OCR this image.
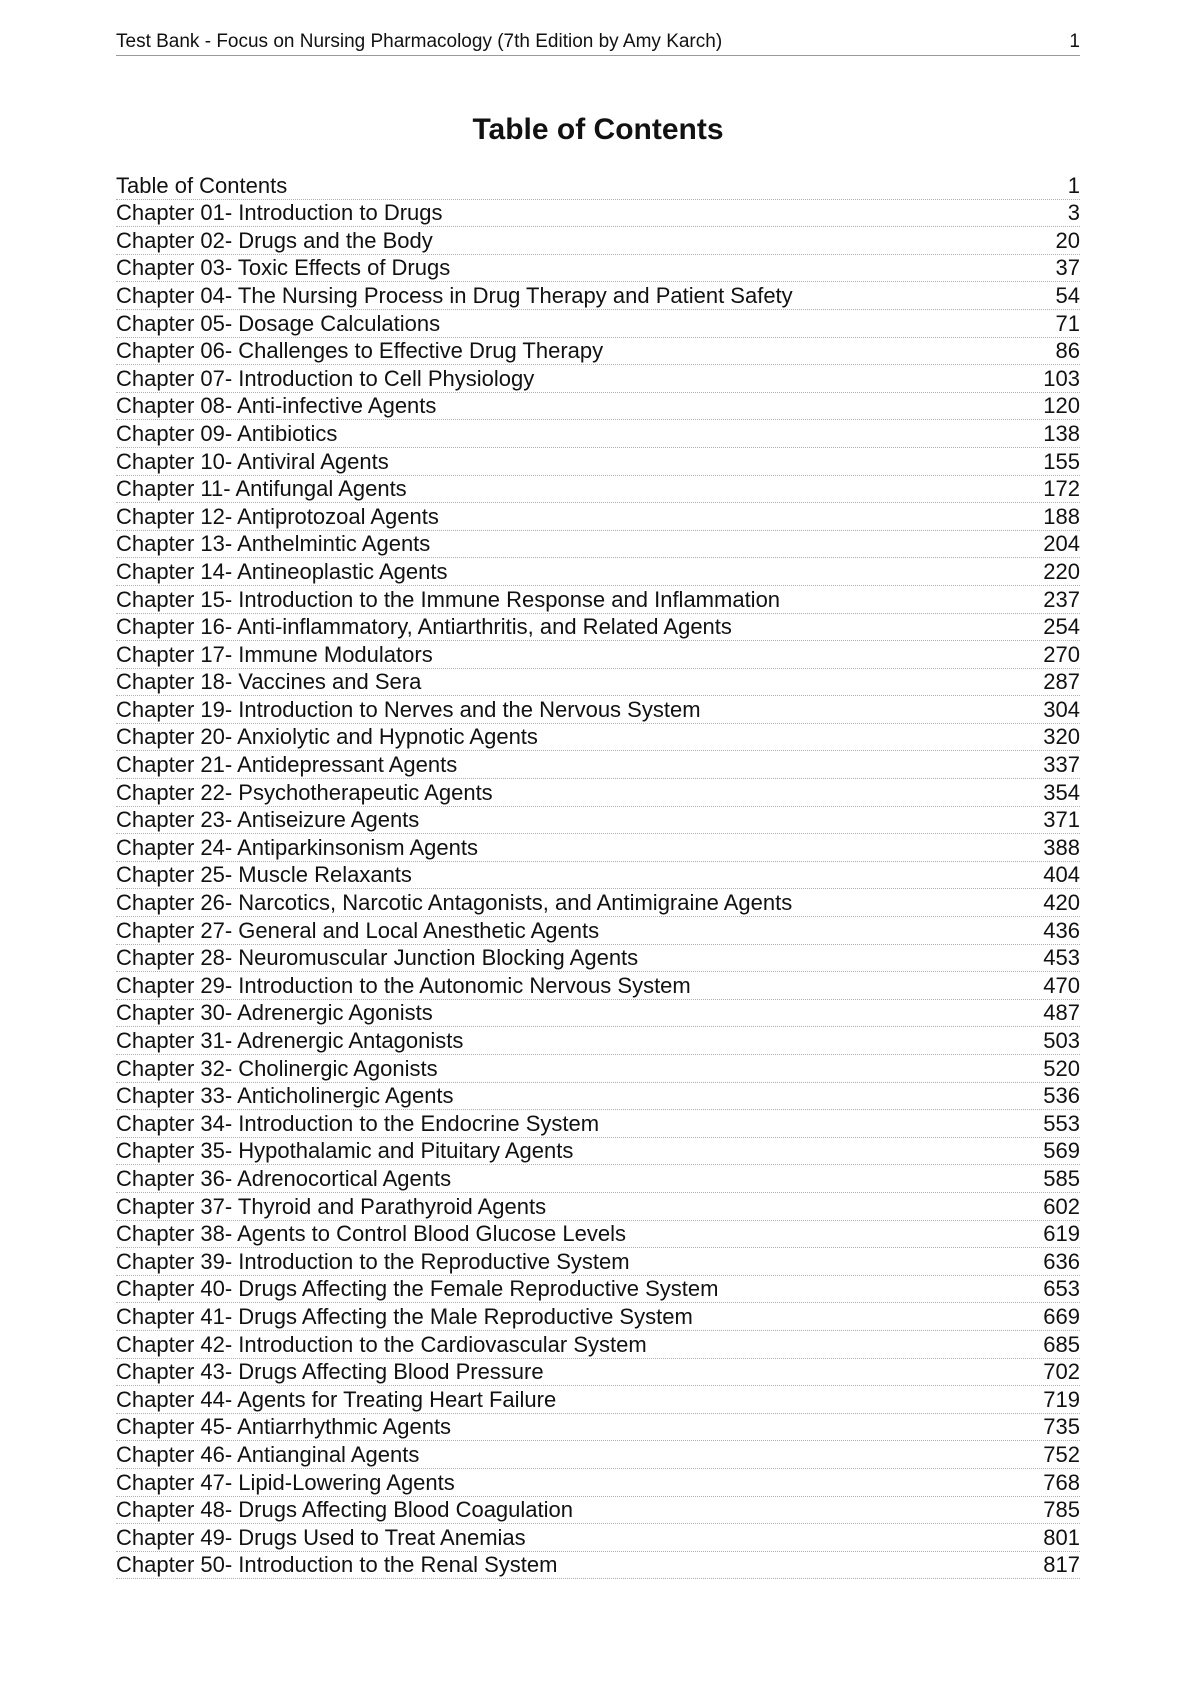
Test Bank - Focus on Nursing Pharmacology (7th Edition by Amy Karch)	1
Table of Contents
Table of Contents	1
Chapter 01- Introduction to Drugs	3
Chapter 02- Drugs and the Body	20
Chapter 03- Toxic Effects of Drugs	37
Chapter 04- The Nursing Process in Drug Therapy and Patient Safety	54
Chapter 05- Dosage Calculations	71
Chapter 06- Challenges to Effective Drug Therapy	86
Chapter 07- Introduction to Cell Physiology	103
Chapter 08- Anti-infective Agents	120
Chapter 09- Antibiotics	138
Chapter 10- Antiviral Agents	155
Chapter 11- Antifungal Agents	172
Chapter 12- Antiprotozoal Agents	188
Chapter 13- Anthelmintic Agents	204
Chapter 14- Antineoplastic Agents	220
Chapter 15- Introduction to the Immune Response and Inflammation	237
Chapter 16- Anti-inflammatory, Antiarthritis, and Related Agents	254
Chapter 17- Immune Modulators	270
Chapter 18- Vaccines and Sera	287
Chapter 19- Introduction to Nerves and the Nervous System	304
Chapter 20- Anxiolytic and Hypnotic Agents	320
Chapter 21- Antidepressant Agents	337
Chapter 22- Psychotherapeutic Agents	354
Chapter 23- Antiseizure Agents	371
Chapter 24- Antiparkinsonism Agents	388
Chapter 25- Muscle Relaxants	404
Chapter 26- Narcotics, Narcotic Antagonists, and Antimigraine Agents	420
Chapter 27- General and Local Anesthetic Agents	436
Chapter 28- Neuromuscular Junction Blocking Agents	453
Chapter 29- Introduction to the Autonomic Nervous System	470
Chapter 30- Adrenergic Agonists	487
Chapter 31- Adrenergic Antagonists	503
Chapter 32- Cholinergic Agonists	520
Chapter 33- Anticholinergic Agents	536
Chapter 34- Introduction to the Endocrine System	553
Chapter 35- Hypothalamic and Pituitary Agents	569
Chapter 36- Adrenocortical Agents	585
Chapter 37- Thyroid and Parathyroid Agents	602
Chapter 38- Agents to Control Blood Glucose Levels	619
Chapter 39- Introduction to the Reproductive System	636
Chapter 40- Drugs Affecting the Female Reproductive System	653
Chapter 41- Drugs Affecting the Male Reproductive System	669
Chapter 42- Introduction to the Cardiovascular System	685
Chapter 43- Drugs Affecting Blood Pressure	702
Chapter 44- Agents for Treating Heart Failure	719
Chapter 45- Antiarrhythmic Agents	735
Chapter 46- Antianginal Agents	752
Chapter 47- Lipid-Lowering Agents	768
Chapter 48- Drugs Affecting Blood Coagulation	785
Chapter 49- Drugs Used to Treat Anemias	801
Chapter 50- Introduction to the Renal System	817
